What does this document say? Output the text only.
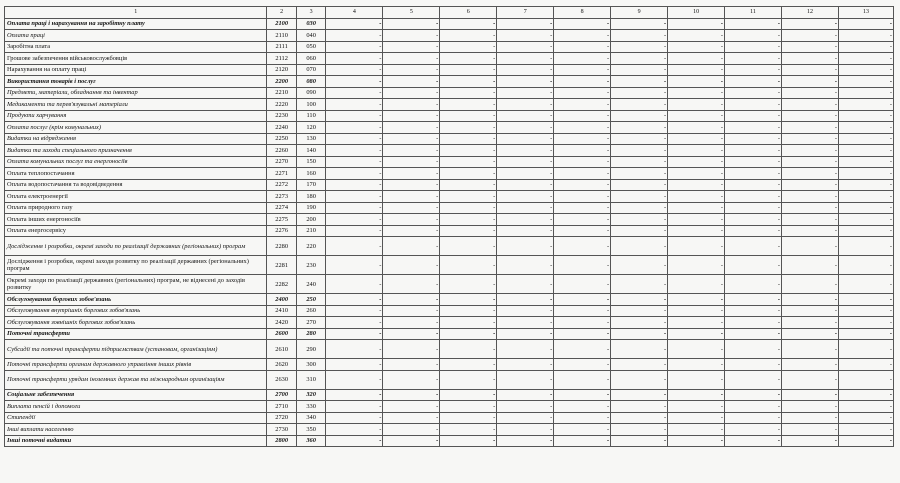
1	2	3	4	5	6	7	8	9	10	11	12	13
Оплата праці і нарахування на заробітну плату	2100	030	-	-	-	-	-	-	-	-	-	-
Оплата праці	2110	040	-	-	-	-	-	-	-	-	-	-
Заробітна плата	2111	050	-	-	-	-	-	-	-	-	-	-
Грошове забезпечення військовослужбовців	2112	060	-	-	-	-	-	-	-	-	-	-
Нарахування на оплату праці	2120	070	-	-	-	-	-	-	-	-	-	-
Використання товарів і послуг	2200	080	-	-	-	-	-	-	-	-	-	-
Предмети, матеріали, обладнання та інвентар	2210	090	-	-	-	-	-	-	-	-	-	-
Медикаменти та перев'язувальні матеріали	2220	100	-	-	-	-	-	-	-	-	-	-
Продукти харчування	2230	110	-	-	-	-	-	-	-	-	-	-
Оплата послуг (крім комунальних)	2240	120	-	-	-	-	-	-	-	-	-	-
Видатки на відрядження	2250	130	-	-	-	-	-	-	-	-	-	-
Видатки та заходи спеціального призначення	2260	140	-	-	-	-	-	-	-	-	-	-
Оплата комунальних послуг та енергоносіїв	2270	150	-	-	-	-	-	-	-	-	-	-
Оплата теплопостачання	2271	160	-	-	-	-	-	-	-	-	-	-
Оплата водопостачання та водовідведення	2272	170	-	-	-	-	-	-	-	-	-	-
Оплата електроенергії	2273	180	-	-	-	-	-	-	-	-	-	-
Оплата природного газу	2274	190	-	-	-	-	-	-	-	-	-	-
Оплата інших енергоносіїв	2275	200	-	-	-	-	-	-	-	-	-	-
Оплата енергосервісу	2276	210	-	-	-	-	-	-	-	-	-	-
Дослідження і розробки, окремі заходи по реалізації державних (регіональних) програм	2280	220	-	-	-	-	-	-	-	-	-	-
Дослідження і розробки, окремі заходи розвитку по реалізації державних (регіональних) програм	2281	230	-	-	-	-	-	-	-	-	-	-
Окремі заходи по реалізації державних (регіональних) програм, не віднесені до заходів розвитку	2282	240	-	-	-	-	-	-	-	-	-	-
Обслуговування боргових зобов'язань	2400	250	-	-	-	-	-	-	-	-	-	-
Обслуговування внутрішніх боргових зобов'язань	2410	260	-	-	-	-	-	-	-	-	-	-
Обслуговування зовнішніх боргових зобов'язань	2420	270	-	-	-	-	-	-	-	-	-	-
Поточні трансферти	2600	280	-	-	-	-	-	-	-	-	-	-
Субсидії та поточні трансферти підприємствам (установам, організаціям)	2610	290	-	-	-	-	-	-	-	-	-	-
Поточні трансферти органам державного управління інших рівнів	2620	300	-	-	-	-	-	-	-	-	-	-
Поточні трансферти урядам іноземних держав та міжнародним організаціям	2630	310	-	-	-	-	-	-	-	-	-	-
Соціальне забезпечення	2700	320	-	-	-	-	-	-	-	-	-	-
Виплата пенсій і допомоги	2710	330	-	-	-	-	-	-	-	-	-	-
Стипендії	2720	340	-	-	-	-	-	-	-	-	-	-
Інші виплати населенню	2730	350	-	-	-	-	-	-	-	-	-	-
Інші поточні видатки	2800	360	-	-	-	-	-	-	-	-	-	-
